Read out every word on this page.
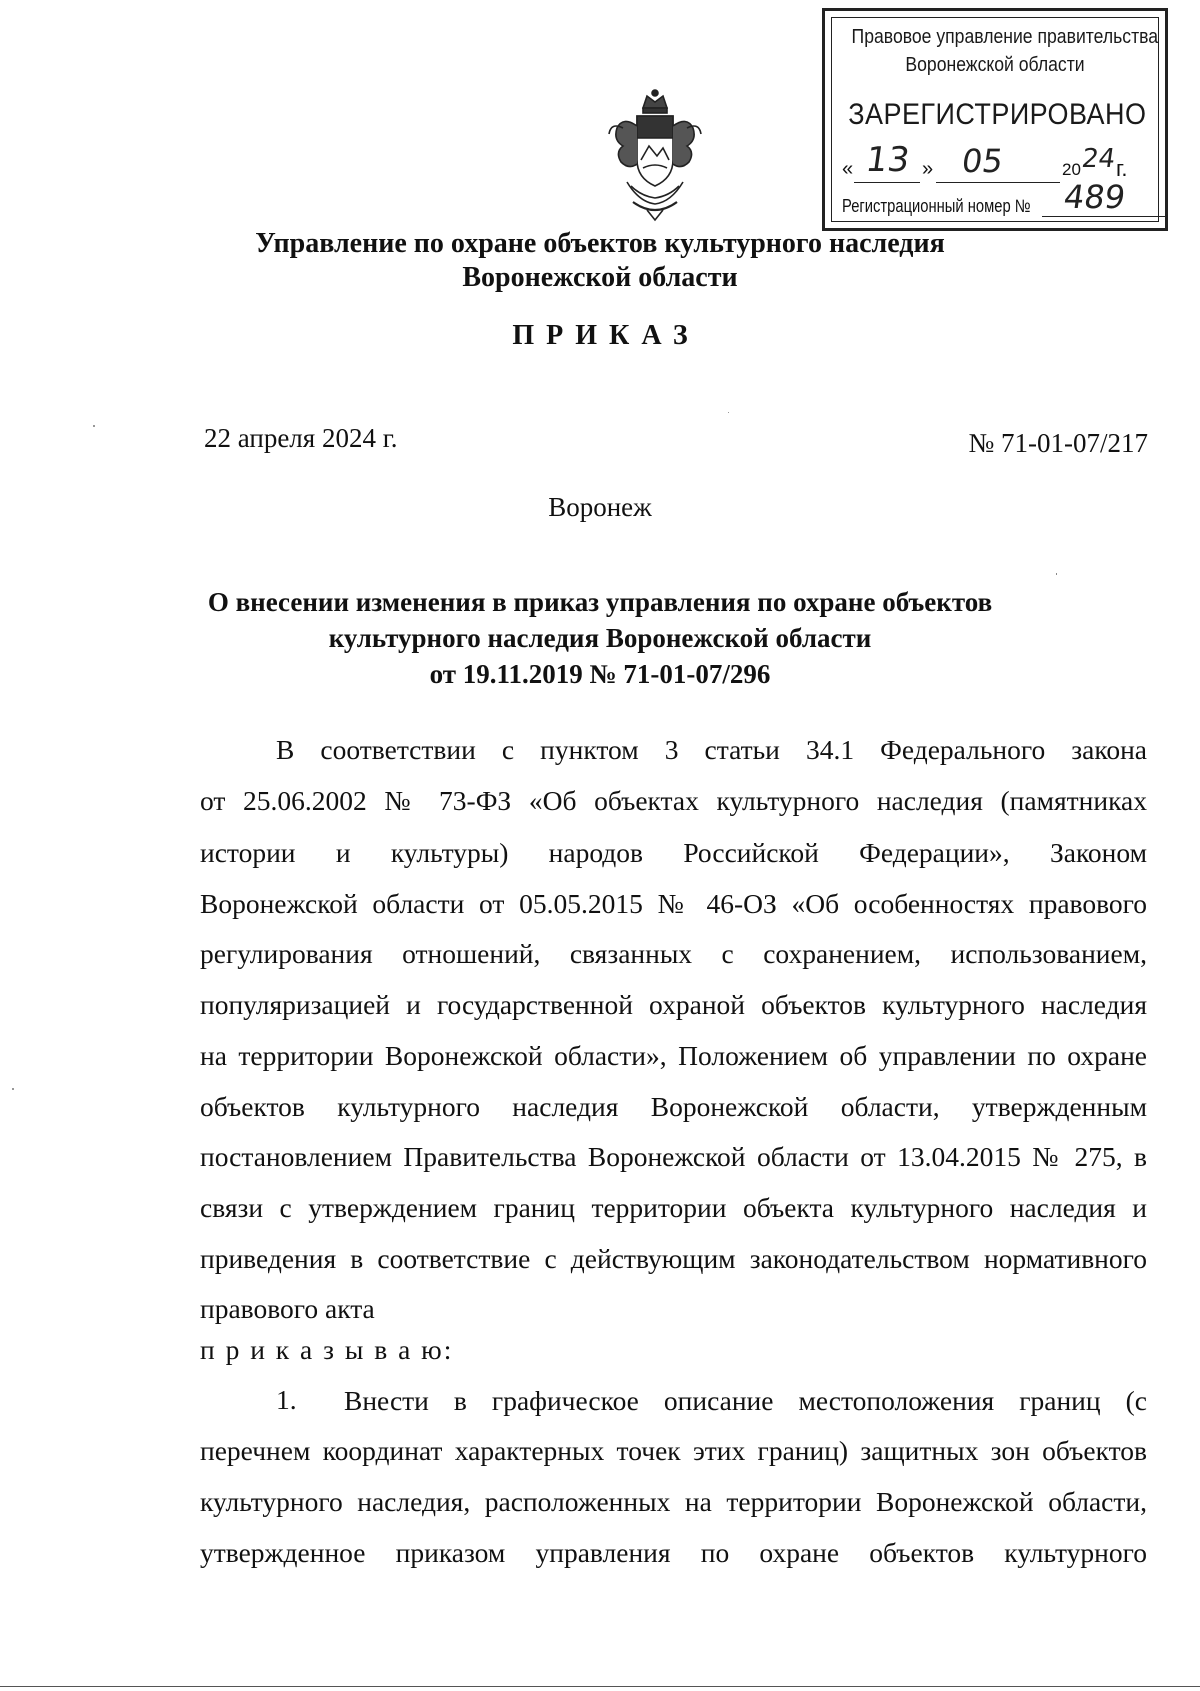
Правовое управление правительства
Воронежской области
ЗАРЕГИСТРИРОВАНО
« 13 » 05	20
24
г.
Регистрационный номер № 489
Управление по охране объектов культурного наследия
Воронежской области
ПРИКАЗ
22 апреля 2024 г.	№ 71-01-07/217
Воронеж
О внесении изменения в приказ управления по охране объектов
культурного наследия Воронежской области
от 19.11.2019 № 71-01-07/296
В соответствии с пунктом 3 статьи 34.1 Федерального закона
от 25.06.2002 № 73-ФЗ «Об объектах культурного наследия (памятниках
истории и культуры) народов Российской Федерации», Законом
Воронежской области от 05.05.2015 № 46-ОЗ «Об особенностях правового
регулирования отношений, связанных с сохранением, использованием,
популяризацией и государственной охраной объектов культурного наследия
на территории Воронежской области», Положением об управлении по охране
объектов культурного наследия Воронежской области, утвержденным
постановлением Правительства Воронежской области от 13.04.2015 № 275, в
связи с утверждением границ территории объекта культурного наследия и
приведения в соответствие с действующим законодательством нормативного
правового акта
п р и к а з ы в а ю:
1. Внести в графическое описание местоположения границ (с
перечнем координат характерных точек этих границ) защитных зон объектов
культурного наследия, расположенных на территории Воронежской области,
утвержденное приказом управления по охране объектов культурного
